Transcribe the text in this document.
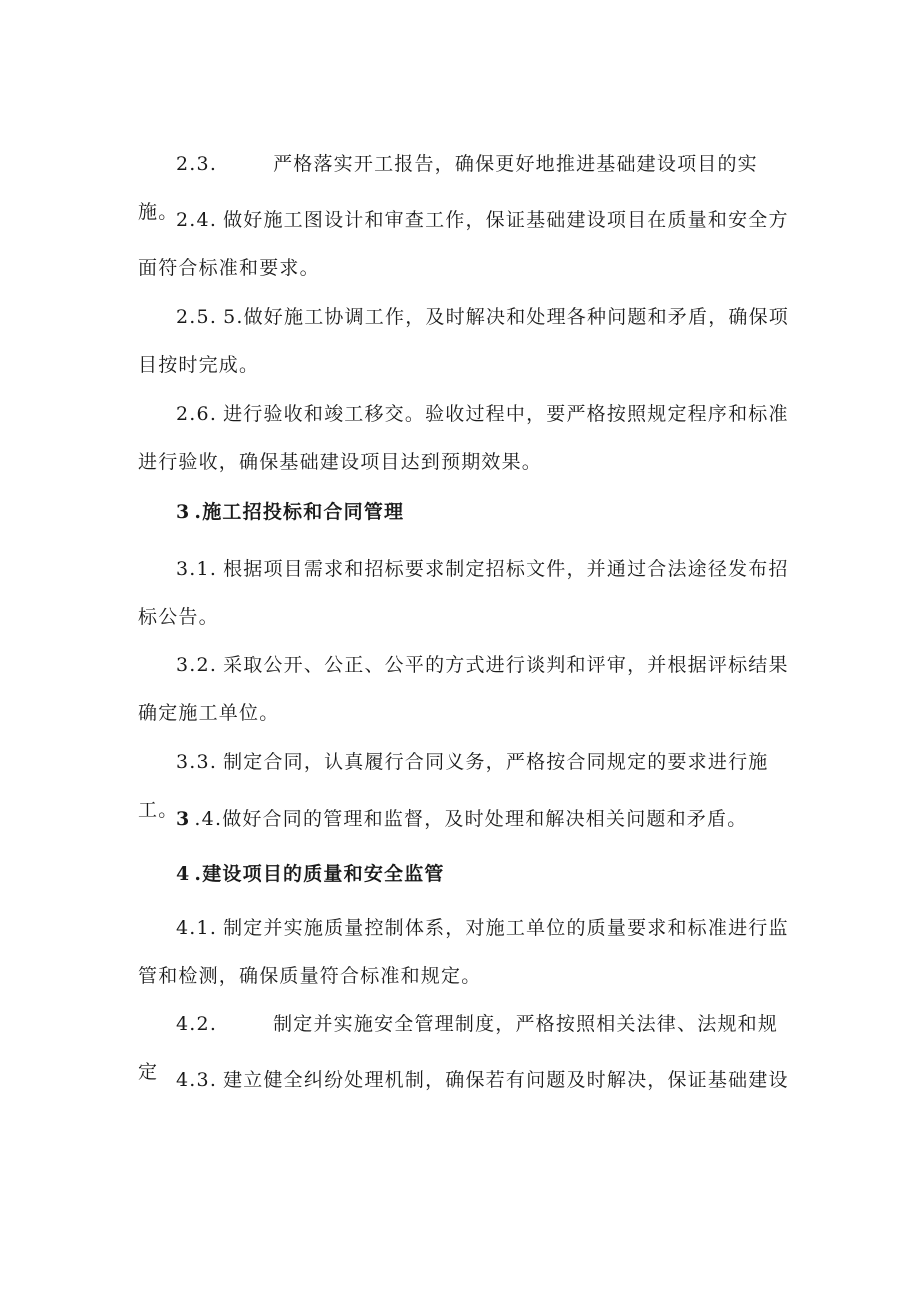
2.3.	严格落实开工报告，确保更好地推进基础建设项目的实施。

2.4. 做好施工图设计和审查工作，保证基础建设项目在质量和安全方面符合标准和要求。

2.5. 5.做好施工协调工作，及时解决和处理各种问题和矛盾，确保项目按时完成。

2.6. 进行验收和竣工移交。验收过程中，要严格按照规定程序和标准进行验收，确保基础建设项目达到预期效果。

3 .施工招投标和合同管理

3.1. 根据项目需求和招标要求制定招标文件，并通过合法途径发布招标公告。

3.2. 采取公开、公正、公平的方式进行谈判和评审，并根据评标结果确定施工单位。

3.3. 制定合同，认真履行合同义务，严格按合同规定的要求进行施工。

3 .4.做好合同的管理和监督，及时处理和解决相关问题和矛盾。

4 .建设项目的质量和安全监管

4.1. 制定并实施质量控制体系，对施工单位的质量要求和标准进行监管和检测，确保质量符合标准和规定。

4.2.	制定并实施安全管理制度，严格按照相关法律、法规和规定 4.3. 建立健全纠纷处理机制，确保若有问题及时解决，保证基础建设
